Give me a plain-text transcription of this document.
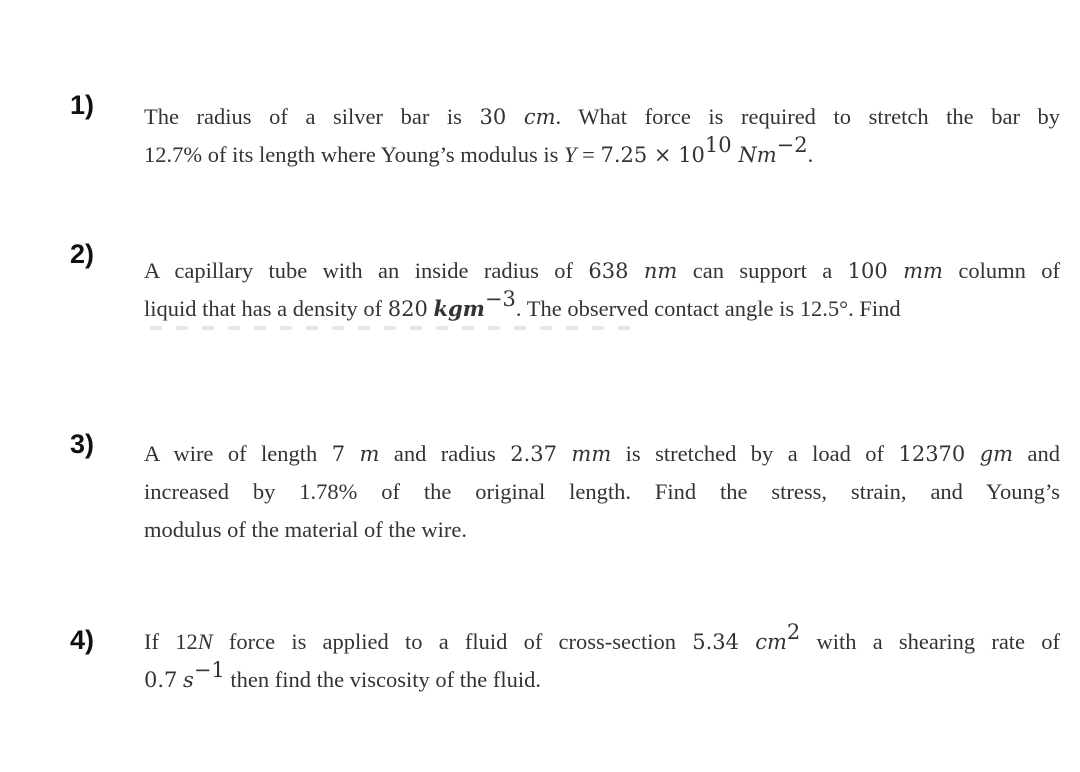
1) The radius of a silver bar is 30 cm. What force is required to stretch the bar by
12.7% of its length where Young’s modulus is $Y = 7.25 \times 10^{10}$ $Nm^{-2}$.
2)
A capillary tube with an inside radius of 638 nm can support a 100 mm column of
liquid that has a density of 820 kgm$^{-3}$. The observed contact angle is 12.5°. Find
3) A wire of length 7 m and radius 2.37 mm is stretched by a load of 12370 gm and
increased by 1.78% of the original length. Find the stress, strain, and Young’s
modulus of the material of the wire.
4) If 12N force is applied to a fluid of cross-section 5.34 $cm^2$ with a shearing rate of
0.7 $s^{-1}$ then find the viscosity of the fluid.
